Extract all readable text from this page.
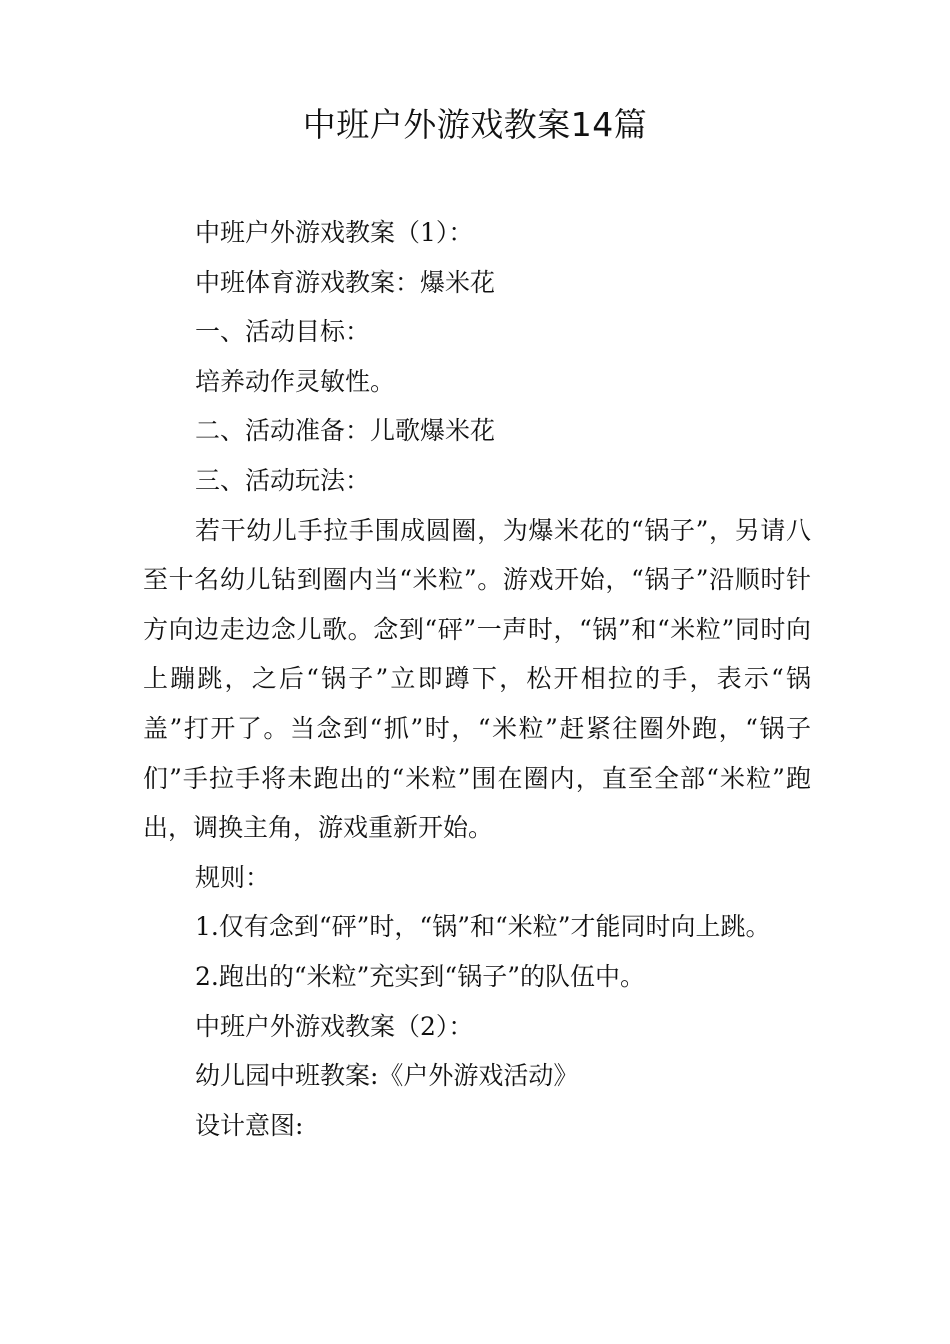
中班户外游戏教案14篇

中班户外游戏教案（1）：

中班体育游戏教案：爆米花

一、活动目标：

培养动作灵敏性。

二、活动准备：儿歌爆米花

三、活动玩法：

若干幼儿手拉手围成圆圈，为爆米花的“锅子”，另请八至十名幼儿钻到圈内当“米粒”。游戏开始，“锅子”沿顺时针方向边走边念儿歌。念到“砰”一声时，“锅”和“米粒”同时向上蹦跳，之后“锅子”立即蹲下，松开相拉的手，表示“锅盖”打开了。当念到“抓”时，“米粒”赶紧往圈外跑，“锅子们”手拉手将未跑出的“米粒”围在圈内，直至全部“米粒”跑出，调换主角，游戏重新开始。

规则：

1.仅有念到“砰”时，“锅”和“米粒”才能同时向上跳。

2.跑出的“米粒”充实到“锅子”的队伍中。

中班户外游戏教案（2）：

幼儿园中班教案:《户外游戏活动》

设计意图:
